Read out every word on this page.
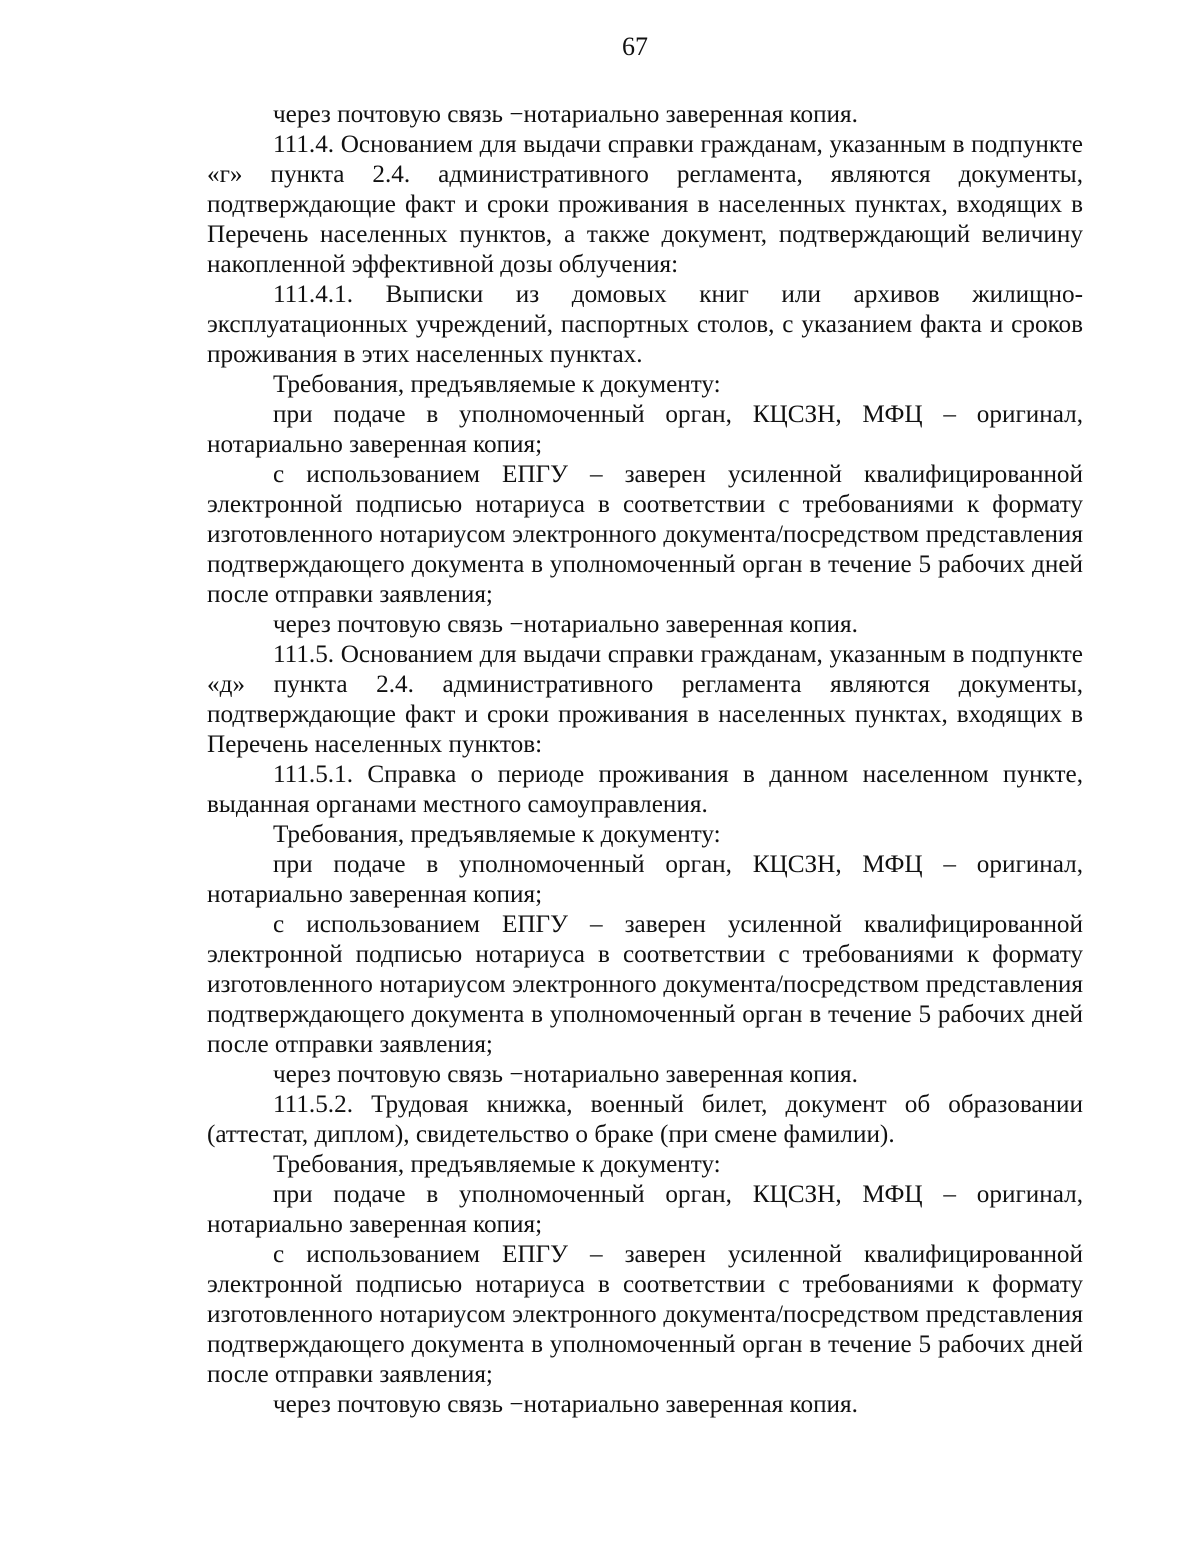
67

через почтовую связь −нотариально заверенная копия.

111.4. Основанием для выдачи справки гражданам, указанным в подпункте «г» пункта 2.4. административного регламента, являются документы, подтверждающие факт и сроки проживания в населенных пунктах, входящих в Перечень населенных пунктов, а также документ, подтверждающий величину накопленной эффективной дозы облучения:

111.4.1. Выписки из домовых книг или архивов жилищно-эксплуатационных учреждений, паспортных столов, с указанием факта и сроков проживания в этих населенных пунктах.

Требования, предъявляемые к документу:

при подаче в уполномоченный орган, КЦСЗН, МФЦ – оригинал, нотариально заверенная копия;

с использованием ЕПГУ – заверен усиленной квалифицированной электронной подписью нотариуса в соответствии с требованиями к формату изготовленного нотариусом электронного документа/посредством представления подтверждающего документа в уполномоченный орган в течение 5 рабочих дней после отправки заявления;

через почтовую связь −нотариально заверенная копия.

111.5. Основанием для выдачи справки гражданам, указанным в подпункте «д» пункта 2.4. административного регламента являются документы, подтверждающие факт и сроки проживания в населенных пунктах, входящих в Перечень населенных пунктов:

111.5.1. Справка о периоде проживания в данном населенном пункте, выданная органами местного самоуправления.

Требования, предъявляемые к документу:

при подаче в уполномоченный орган, КЦСЗН, МФЦ – оригинал, нотариально заверенная копия;

с использованием ЕПГУ – заверен усиленной квалифицированной электронной подписью нотариуса в соответствии с требованиями к формату изготовленного нотариусом электронного документа/посредством представления подтверждающего документа в уполномоченный орган в течение 5 рабочих дней после отправки заявления;

через почтовую связь −нотариально заверенная копия.

111.5.2. Трудовая книжка, военный билет, документ об образовании (аттестат, диплом), свидетельство о браке (при смене фамилии).

Требования, предъявляемые к документу:

при подаче в уполномоченный орган, КЦСЗН, МФЦ – оригинал, нотариально заверенная копия;

с использованием ЕПГУ – заверен усиленной квалифицированной электронной подписью нотариуса в соответствии с требованиями к формату изготовленного нотариусом электронного документа/посредством представления подтверждающего документа в уполномоченный орган в течение 5 рабочих дней после отправки заявления;

через почтовую связь −нотариально заверенная копия.
